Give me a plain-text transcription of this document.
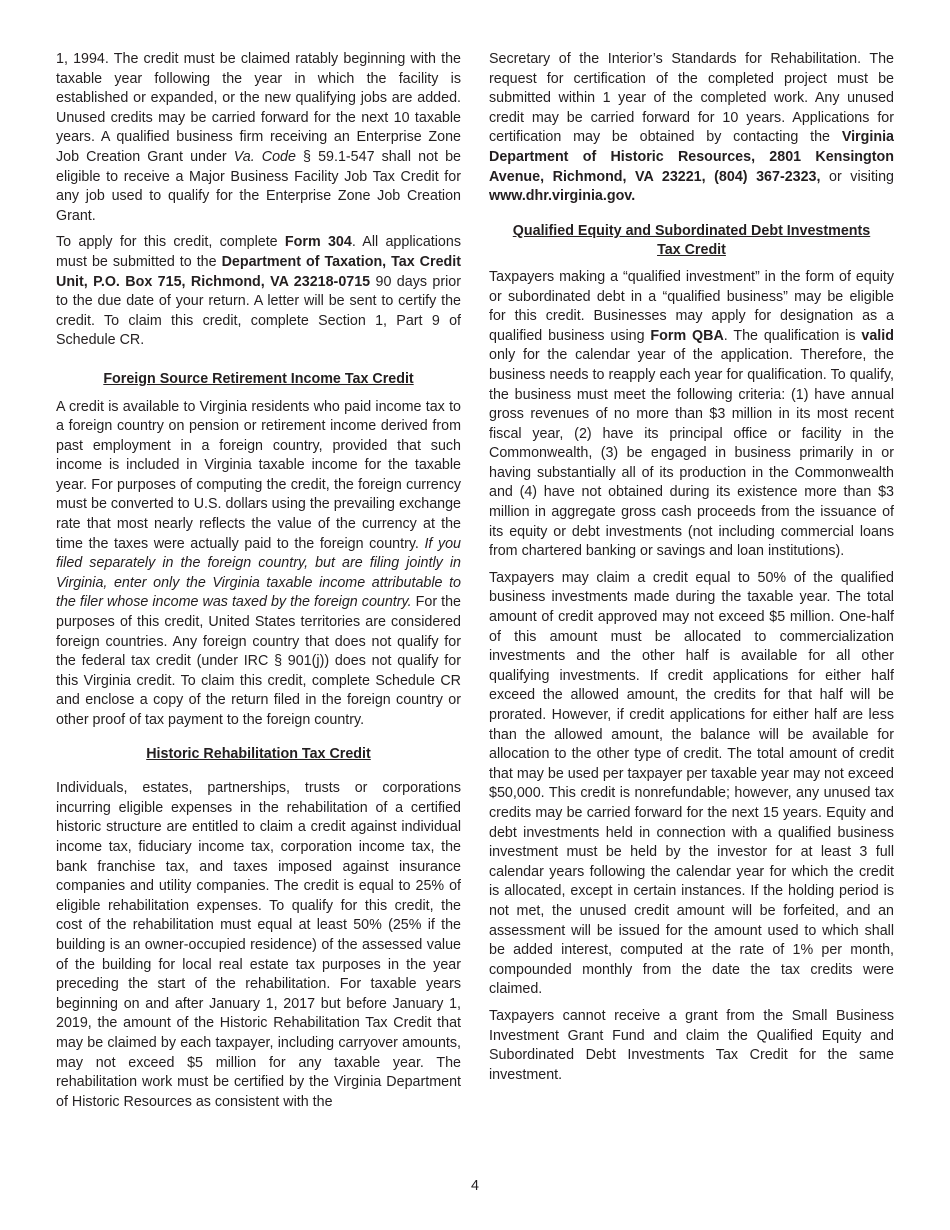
1, 1994. The credit must be claimed ratably beginning with the taxable year following the year in which the facility is established or expanded, or the new qualifying jobs are added. Unused credits may be carried forward for the next 10 taxable years. A qualified business firm receiving an Enterprise Zone Job Creation Grant under Va. Code § 59.1-547 shall not be eligible to receive a Major Business Facility Job Tax Credit for any job used to qualify for the Enterprise Zone Job Creation Grant.

To apply for this credit, complete Form 304. All applications must be submitted to the Department of Taxation, Tax Credit Unit, P.O. Box 715, Richmond, VA 23218-0715 90 days prior to the due date of your return. A letter will be sent to certify the credit. To claim this credit, complete Section 1, Part 9 of Schedule CR.

Foreign Source Retirement Income Tax Credit

A credit is available to Virginia residents who paid income tax to a foreign country on pension or retirement income derived from past employment in a foreign country, provided that such income is included in Virginia taxable income for the taxable year. For purposes of computing the credit, the foreign currency must be converted to U.S. dollars using the prevailing exchange rate that most nearly reflects the value of the currency at the time the taxes were actually paid to the foreign country. If you filed separately in the foreign country, but are filing jointly in Virginia, enter only the Virginia taxable income attributable to the filer whose income was taxed by the foreign country. For the purposes of this credit, United States territories are considered foreign countries. Any foreign country that does not qualify for the federal tax credit (under IRC § 901(j)) does not qualify for this Virginia credit. To claim this credit, complete Schedule CR and enclose a copy of the return filed in the foreign country or other proof of tax payment to the foreign country.

Historic Rehabilitation Tax Credit

Individuals, estates, partnerships, trusts or corporations incurring eligible expenses in the rehabilitation of a certified historic structure are entitled to claim a credit against individual income tax, fiduciary income tax, corporation income tax, the bank franchise tax, and taxes imposed against insurance companies and utility companies. The credit is equal to 25% of eligible rehabilitation expenses. To qualify for this credit, the cost of the rehabilitation must equal at least 50% (25% if the building is an owner-occupied residence) of the assessed value of the building for local real estate tax purposes in the year preceding the start of the rehabilitation. For taxable years beginning on and after January 1, 2017 but before January 1, 2019, the amount of the Historic Rehabilitation Tax Credit that may be claimed by each taxpayer, including carryover amounts, may not exceed $5 million for any taxable year. The rehabilitation work must be certified by the Virginia Department of Historic Resources as consistent with the

Secretary of the Interior’s Standards for Rehabilitation. The request for certification of the completed project must be submitted within 1 year of the completed work. Any unused credit may be carried forward for 10 years. Applications for certification may be obtained by contacting the Virginia Department of Historic Resources, 2801 Kensington Avenue, Richmond, VA 23221, (804) 367-2323, or visiting www.dhr.virginia.gov.

Qualified Equity and Subordinated Debt Investments
Tax Credit

Taxpayers making a “qualified investment” in the form of equity or subordinated debt in a “qualified business” may be eligible for this credit. Businesses may apply for designation as a qualified business using Form QBA. The qualification is valid only for the calendar year of the application. Therefore, the business needs to reapply each year for qualification. To qualify, the business must meet the following criteria: (1) have annual gross revenues of no more than $3 million in its most recent fiscal year, (2) have its principal office or facility in the Commonwealth, (3) be engaged in business primarily in or having substantially all of its production in the Commonwealth and (4) have not obtained during its existence more than $3 million in aggregate gross cash proceeds from the issuance of its equity or debt investments (not including commercial loans from chartered banking or savings and loan institutions).

Taxpayers may claim a credit equal to 50% of the qualified business investments made during the taxable year. The total amount of credit approved may not exceed $5 million. One-half of this amount must be allocated to commercialization investments and the other half is available for all other qualifying investments. If credit applications for either half exceed the allowed amount, the credits for that half will be prorated. However, if credit applications for either half are less than the allowed amount, the balance will be available for allocation to the other type of credit. The total amount of credit that may be used per taxpayer per taxable year may not exceed $50,000. This credit is nonrefundable; however, any unused tax credits may be carried forward for the next 15 years. Equity and debt investments held in connection with a qualified business investment must be held by the investor for at least 3 full calendar years following the calendar year for which the credit is allocated, except in certain instances. If the holding period is not met, the unused credit amount will be forfeited, and an assessment will be issued for the amount used to which shall be added interest, computed at the rate of 1% per month, compounded monthly from the date the tax credits were claimed.

Taxpayers cannot receive a grant from the Small Business Investment Grant Fund and claim the Qualified Equity and Subordinated Debt Investments Tax Credit for the same investment.

4
